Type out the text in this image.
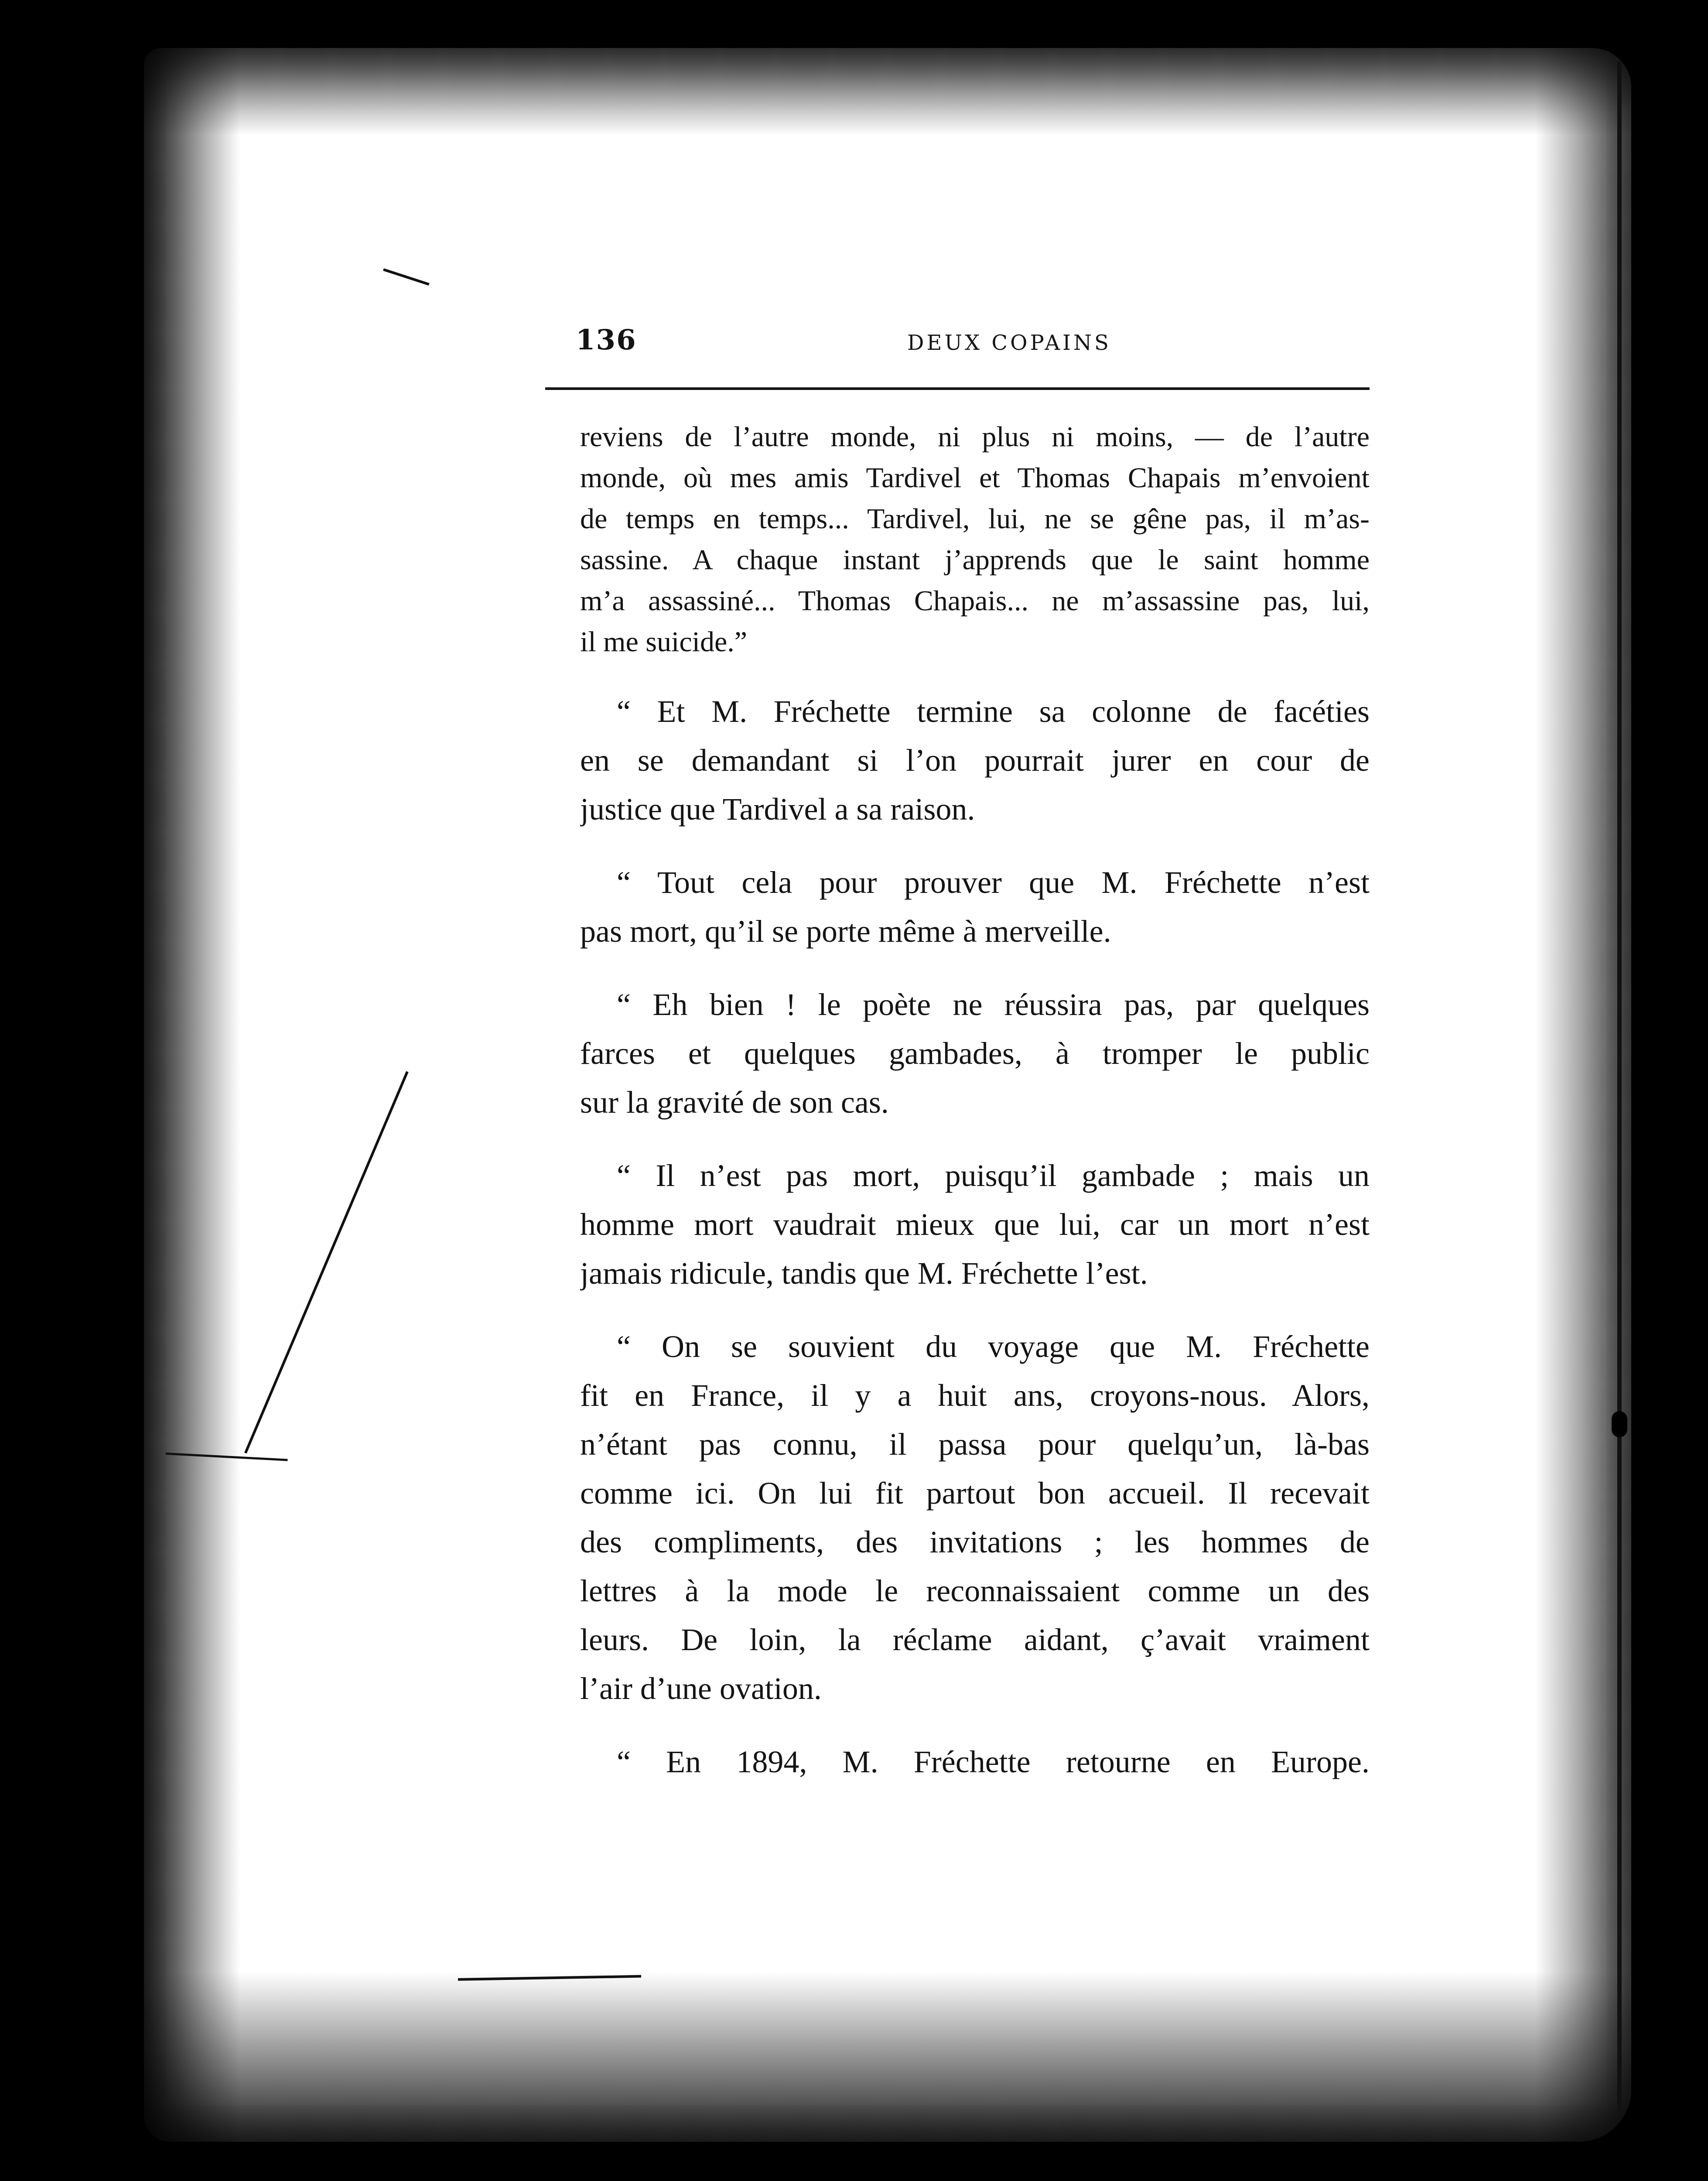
136	DEUX COPAINS
reviens de l’autre monde, ni plus ni moins, — de l’autre
monde, où mes amis Tardivel et Thomas Chapais m’envoient
de temps en temps... Tardivel, lui, ne se gêne pas, il m’as-
sassine. A chaque instant j’apprends que le saint homme
m’a assassiné... Thomas Chapais... ne m’assassine pas, lui,
il me suicide.”
“ Et M. Fréchette termine sa colonne de facéties
en se demandant si l’on pourrait jurer en cour de
justice que Tardivel a sa raison.
“ Tout cela pour prouver que M. Fréchette n’est
pas mort, qu’il se porte même à merveille.
“ Eh bien ! le poète ne réussira pas, par quelques
farces et quelques gambades, à tromper le public
sur la gravité de son cas.
“ Il n’est pas mort, puisqu’il gambade ; mais un
homme mort vaudrait mieux que lui, car un mort n’est
jamais ridicule, tandis que M. Fréchette l’est.
“ On se souvient du voyage que M. Fréchette
fit en France, il y a huit ans, croyons-nous. Alors,
n’étant pas connu, il passa pour quelqu’un, là-bas
comme ici. On lui fit partout bon accueil. Il recevait
des compliments, des invitations ; les hommes de
lettres à la mode le reconnaissaient comme un des
leurs. De loin, la réclame aidant, ç’avait vraiment
l’air d’une ovation.
“ En 1894, M. Fréchette retourne en Europe.
